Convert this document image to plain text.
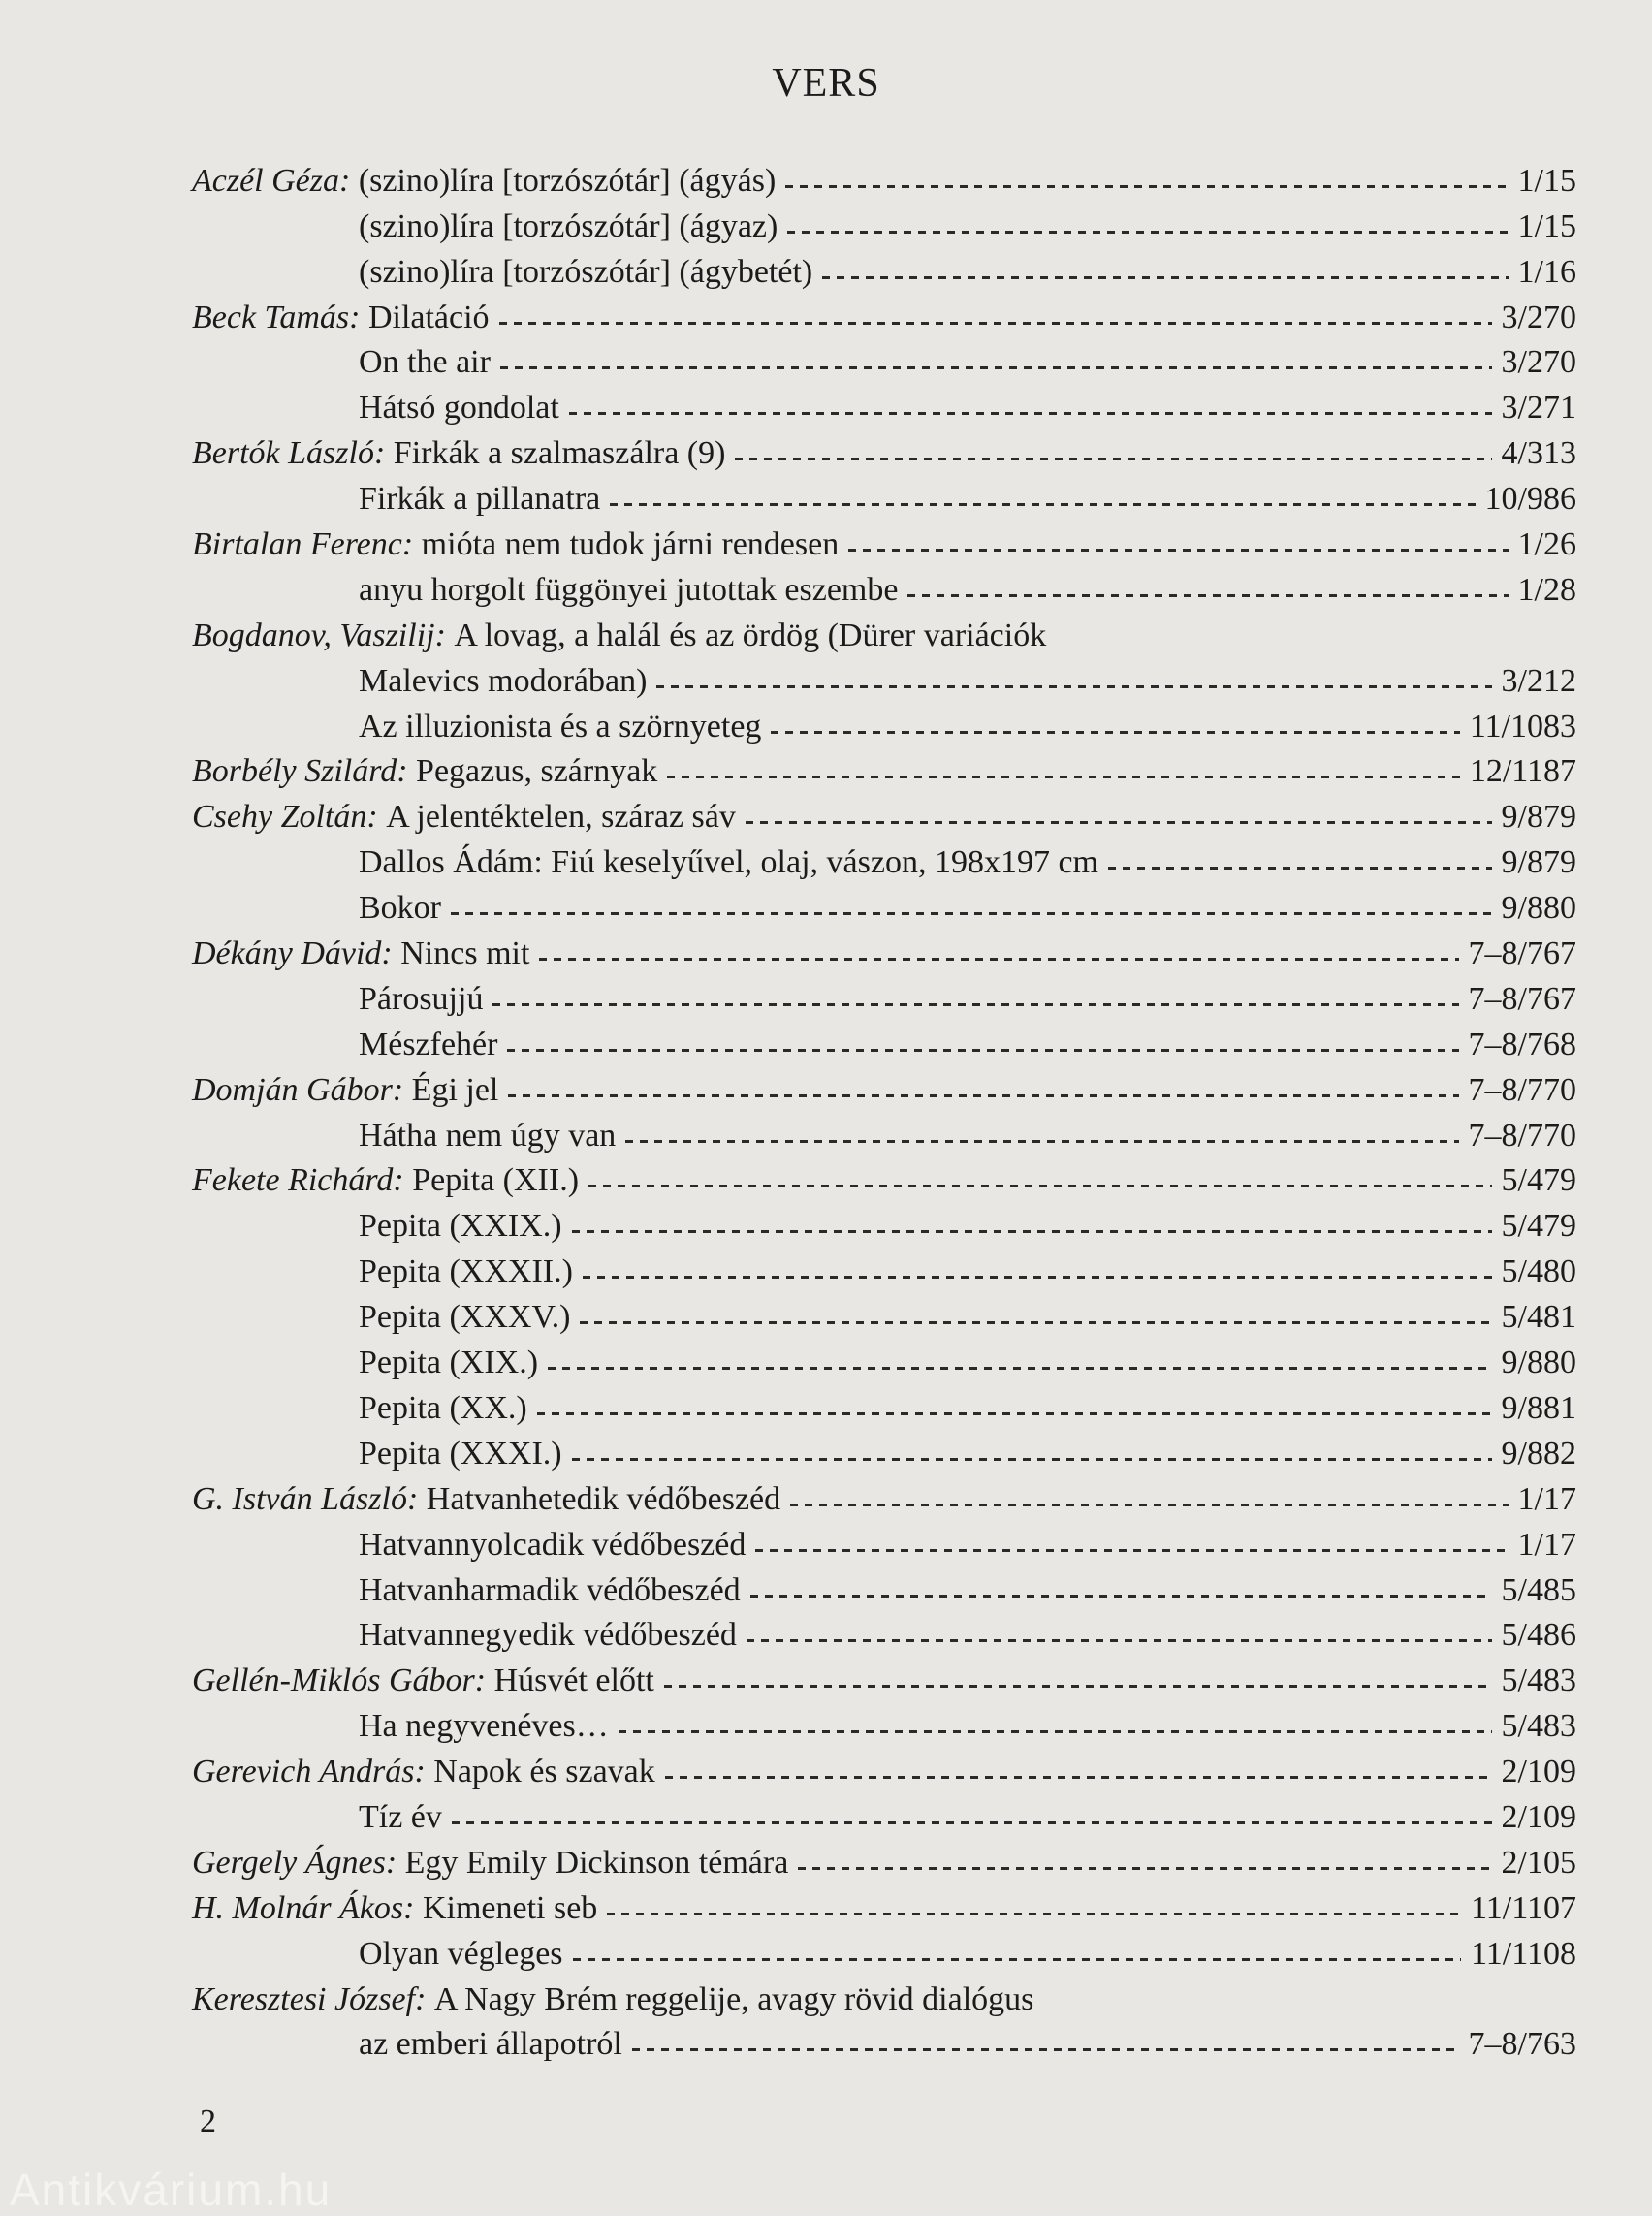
VERS
Aczél Géza: (szino)líra [torzószótár] (ágyás)	1/15
(szino)líra [torzószótár] (ágyaz)	1/15
(szino)líra [torzószótár] (ágybetét)	1/16
Beck Tamás: Dilatáció	3/270
On the air	3/270
Hátsó gondolat	3/271
Bertók László: Firkák a szalmaszálra (9)	4/313
Firkák a pillanatra	10/986
Birtalan Ferenc: mióta nem tudok járni rendesen	1/26
anyu horgolt függönyei jutottak eszembe	1/28
Bogdanov, Vaszilij: A lovag, a halál és az ördög (Dürer variációk
Malevics modorában)	3/212
Az illuzionista és a szörnyeteg	11/1083
Borbély Szilárd: Pegazus, szárnyak	12/1187
Csehy Zoltán: A jelentéktelen, száraz sáv	9/879
Dallos Ádám: Fiú keselyűvel, olaj, vászon, 198x197 cm	9/879
Bokor	9/880
Dékány Dávid: Nincs mit	7–8/767
Párosujjú	7–8/767
Mészfehér	7–8/768
Domján Gábor: Égi jel	7–8/770
Hátha nem úgy van	7–8/770
Fekete Richárd: Pepita (XII.)	5/479
Pepita (XXIX.)	5/479
Pepita (XXXII.)	5/480
Pepita (XXXV.)	5/481
Pepita (XIX.)	9/880
Pepita (XX.)	9/881
Pepita (XXXI.)	9/882
G. István László: Hatvanhetedik védőbeszéd	1/17
Hatvannyolcadik védőbeszéd	1/17
Hatvanharmadik védőbeszéd	5/485
Hatvannegyedik védőbeszéd	5/486
Gellén-Miklós Gábor: Húsvét előtt	5/483
Ha negyvenéves…	5/483
Gerevich András: Napok és szavak	2/109
Tíz év	2/109
Gergely Ágnes: Egy Emily Dickinson témára	2/105
H. Molnár Ákos: Kimeneti seb	11/1107
Olyan végleges	11/1108
Keresztesi József: A Nagy Brém reggelije, avagy rövid dialógus
az emberi állapotról	7–8/763
2
Antikvárium.hu
